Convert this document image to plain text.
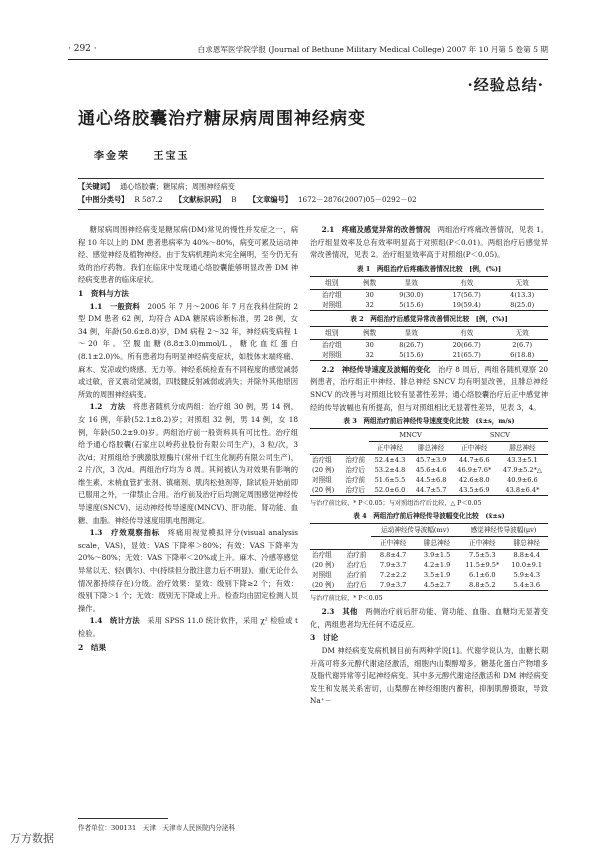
· 292 ·	白求恩军医学院学报 (Journal of Bethune Military Medical College) 2007 年 10 月第 5 卷第 5 期
·经验总结·
通心络胶囊治疗糖尿病周围神经病变
李金荣 王宝玉
【关键词】 通心络胶囊；糖尿病；周围神经病变
【中图分类号】 R 587.2 【文献标识码】 B 【文章编号】 1672－2876(2007)05－0292－02

糖尿病周围神经病变是糖尿病(DM)常见的慢性并发症之一，病程 10 年以上的 DM 患者患病率为 40%～80%，病变可累及运动神经、感觉神经及植物神经。由于发病机理尚未完全阐明，至今仍无有效的治疗药物。我们在临床中发现通心络胶囊能够明显改善 DM 神经病变患者的临床症状。

1　资料与方法

1.1　一般资料　 2005 年 7 月～2006 年 7 月在我科住院的 2 型 DM 患者 62 例，均符合 ADA 糖尿病诊断标准，男 28 例，女 34 例，年龄(50.6±8.8)岁，DM 病程 2～32 年，神经病变病程 1～20 年。空腹血糖(8.8±3.0)mmol/L，糖化血红蛋白(8.1±2.0)%。所有患者均有明显神经病变症状，如肢体末端疼痛、麻木、发凉或灼烧感、无力等。神经系统检查有不同程度的感觉减弱或过敏，音叉震动觉减弱，四肢腱反射减弱或消失；并除外其他原因所致的周围神经病变。

1.2　方法　 将患者随机分成两组：治疗组 30 例，男 14 例，女 16 例，年龄(52.1±8.2)岁；对照组 32 例，男 14 例，女 18 例，年龄(50.2±9.0)岁。两组治疗前一般资料具有可比性。治疗组给予通心络胶囊(石家庄以岭药业股份有限公司生产)，3 粒/次，3 次/d；对照组给予胰激肽原酶片(常州千红生化制药有限公司生产)，2 片/次，3 次/d。两组治疗均为 8 周。其间被认为对效果有影响的维生素、末梢血管扩张剂、镇痛剂、肌肉松弛剂等，除试验开始前即已服用之外，一律禁止合用。治疗前及治疗后均测定周围感觉神经传导速度(SNCV)、运动神经传导速度(MNCV)、肝功能、肾功能、血糖、血脂。神经传导速度用肌电图测定。

1.3　疗效观察指标　 疼痛用视觉模拟评分(visual analysis scale，VAS)，显效：VAS 下降率＞80%；有效：VAS 下降率为 20%～80%；无效：VAS 下降率＜20%或上升。麻木、冷感等感觉异常以无、轻(偶尔)、中(持续但分散注意力后不明显)、重(无论什么情况都持续存在)分级。治疗效果：显效：级别下降≥2 个；有效：级别下降＞1 个；无效：级别无下降或上升。检查均由固定检测人员操作。

1.4　统计方法　 采用 SPSS 11.0 统计软件，采用 χ² 检验或 t 检验。

2　结果

2.1　疼痛及感觉异常的改善情况　 两组治疗疼痛改善情况，见表 1。治疗组显效率及总有效率明显高于对照组(P＜0.01)。两组治疗后感觉异常改善情况，见表 2。治疗组显效率高于对照组(P＜0.05)。

表 1　两组治疗后疼痛改善情况比较　[例，(%)]
组别	例数	显效	有效	无效
治疗组	30	9(30.0)	17(56.7)	4(13.3)
对照组	32	5(15.6)	19(59.4)	8(25.0)
表 2　两组治疗后感觉异常改善情况比较　[例，(%)]
组别	例数	显效	有效	无效
治疗组	30	8(26.7)	20(66.7)	2(6.7)
对照组	32	5(15.6)	21(65.7)	6(18.8)

2.2　神经传导速度及波幅的变化　 治疗 8 周后，两组各随机观察 20 例患者，治疗组正中神经、腓总神经 SNCV 均有明显改善，且腓总神经 SNCV 的改善与对照组比较有显著性差异；通心络胶囊治疗后正中感觉神经的传导波幅也有所提高，但与对照组相比无显著性差异，见表 3，4。

表 3　两组治疗前后神经传导速度变化比较　(x̄±s，m/s)
		MNCV		SNCV	
		正中神经	腓总神经	正中神经	腓总神经
治疗组	治疗前	52.4±4.3	45.7±3.9	44.7±6.6	43.3±5.1
(20 例)	治疗后	53.2±4.8	45.6±4.6	46.9±7.6*	47.9±5.2*△
对照组	治疗前	51.6±5.5	44.5±6.8	42.6±8.0	40.9±6.6
(20 例)	治疗后	52.0±6.0	44.7±5.7	43.5±6.9	43.8±6.4*
与治疗前比较，* P＜0.05；与对照组治疗后比较，△ P＜0.05
表 4　两组治疗前后神经传导波幅变化比较　(x̄±s)
		运动神经传导波幅(mv)		感觉神经传导波幅(μv)	
		正中神经	腓总神经	正中神经	腓总神经
治疗组	治疗前	8.8±4.7	3.9±1.5	7.5±5.3	8.8±4.4
(20 例)	治疗后	7.9±3.7	4.2±1.9	11.5±9.5*	10.0±9.1
对照组	治疗前	7.2±2.2	3.5±1.9	6.1±6.0	5.9±4.3
(20 例)	治疗后	7.9±3.7	4.5±2.7	8.8±5.2	5.4±3.6
与治疗前比较，* P＜0.05

2.3　其他　 两侧治疗前后肝功能、肾功能、血脂、血糖均无显著变化，两组患者均无任何不适反应。

3　讨论

DM 神经病变发病机制目前有两种学说[1]。代谢学说认为，血糖长期升高可将多元醇代谢途径激活，细胞内山梨醇增多，糖基化蛋白产物增多及脂代谢异常等引起神经病变。其中多元醇代谢途径激活和 DM 神经病变发生和发展关系密切，山梨醇在神经细胞内蓄积，抑制肌醇摄取，导致 Na⁺－

作者单位：300131　天津　天津市人民医院内分泌科
万方数据
